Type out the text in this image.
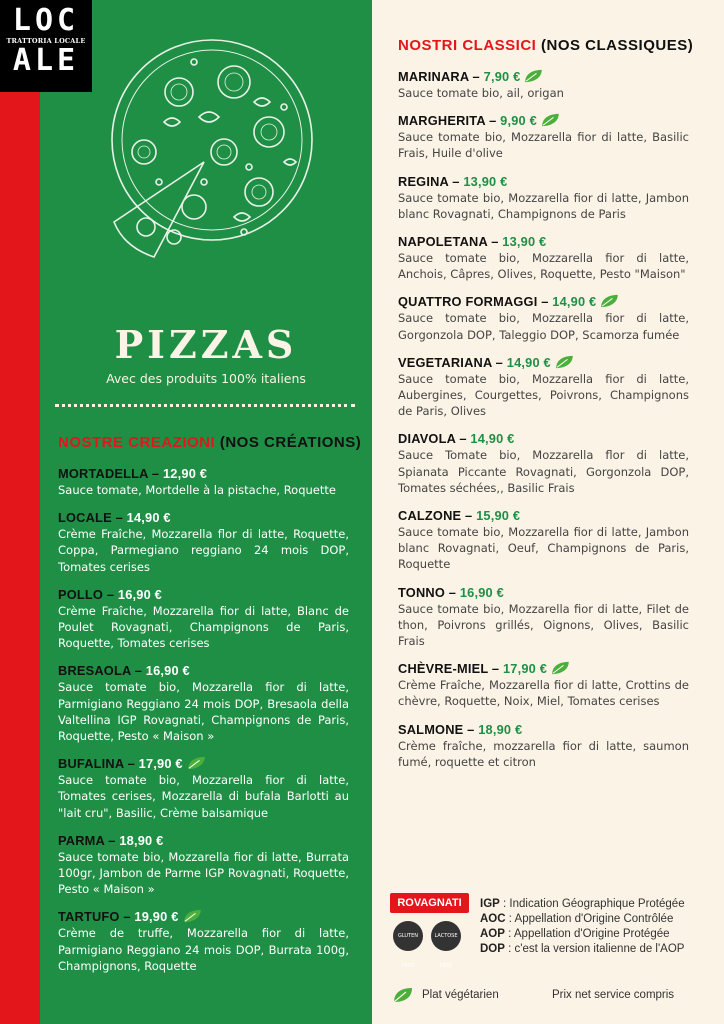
LOC
TRATTORIA LOCALE
ALE
PIZZAS
Avec des produits 100% italiens
NOSTRE CREAZIONI (NOS CRÉATIONS)
MORTADELLA – 12,90 €
Sauce tomate, Mortdelle à la pistache, Roquette
LOCALE – 14,90 €
Crème Fraîche, Mozzarella flor di latte, Roquette, Coppa, Parmegiano reggiano 24 mois DOP, Tomates cerises
POLLO – 16,90 €
Crème Fraîche, Mozzarella fior di latte, Blanc de Poulet Rovagnati, Champignons de Paris, Roquette, Tomates cerises
BRESAOLA – 16,90 €
Sauce tomate bio, Mozzarella fior di latte, Parmigiano Reggiano 24 mois DOP, Bresaola della Valtellina IGP Rovagnati, Champignons de Paris, Roquette, Pesto « Maison »
BUFALINA – 17,90 €
Sauce tomate bio, Mozzarella fior di latte, Tomates cerises, Mozzarella di bufala Barlotti au "lait cru", Basilic, Crème balsamique
PARMA – 18,90 €
Sauce tomate bio, Mozzarella fior di latte, Burrata 100gr, Jambon de Parme IGP Rovagnati, Roquette, Pesto « Maison »
TARTUFO – 19,90 €
Crème de truffe, Mozzarella fior di latte, Parmigiano Reggiano 24 mois DOP, Burrata 100g, Champignons, Roquette
NOSTRI CLASSICI (NOS CLASSIQUES)
MARINARA – 7,90 €
Sauce tomate bio, ail, origan
MARGHERITA – 9,90 €
Sauce tomate bio, Mozzarella fior di latte, Basilic Frais, Huile d'olive
REGINA – 13,90 €
Sauce tomate bio, Mozzarella fior di latte, Jambon blanc Rovagnati, Champignons de Paris
NAPOLETANA – 13,90 €
Sauce tomate bio, Mozzarella fior di latte, Anchois, Câpres, Olives, Roquette, Pesto "Maison"
QUATTRO FORMAGGI – 14,90 €
Sauce tomate bio, Mozzarella fior di latte, Gorgonzola DOP, Taleggio DOP, Scamorza fumée
VEGETARIANA – 14,90 €
Sauce tomate bio, Mozzarella fior di latte, Aubergines, Courgettes, Poivrons, Champignons de Paris, Olives
DIAVOLA – 14,90 €
Sauce Tomate bio, Mozzarella flor di latte, Spianata Piccante Rovagnati, Gorgonzola DOP, Tomates séchées,, Basilic Frais
CALZONE – 15,90 €
Sauce tomate bio, Mozzarella fior di latte, Jambon blanc Rovagnati, Oeuf, Champignons de Paris, Roquette
TONNO – 16,90 €
Sauce tomate bio, Mozzarella fior di latte, Filet de thon, Poivrons grillés, Oignons, Olives, Basilic Frais
CHÈVRE-MIEL – 17,90 €
Crème Fraîche, Mozzarella fior di latte, Crottins de chèvre, Roquette, Noix, Miel, Tomates cerises
SALMONE – 18,90 €
Crème fraîche, mozzarella fior di latte, saumon fumé, roquette et citron
ROVAGNATI
GLUTEN FREE
LACTOSE FREE
IGP : Indication Géographique Protégée
AOC : Appellation d'Origine Contrôlée
AOP : Appellation d'Origine Protégée
DOP : c'est la version italienne de l'AOP
Plat végétarien	Prix net service compris
